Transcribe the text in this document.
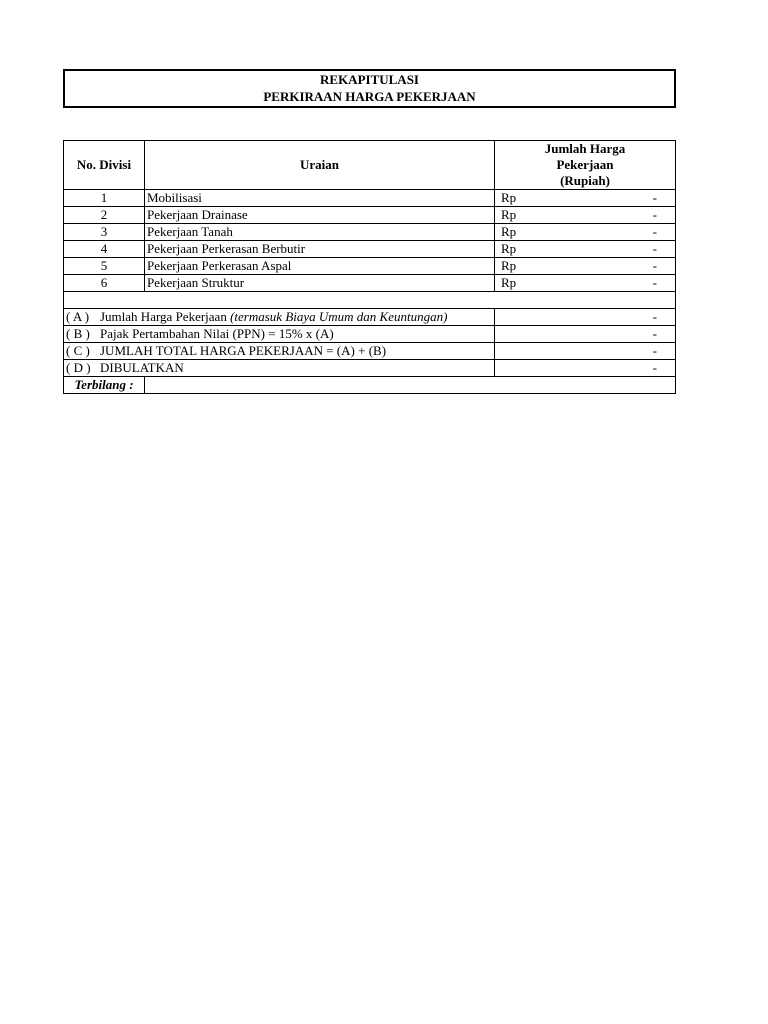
REKAPITULASI
PERKIRAAN HARGA PEKERJAAN
No. Divisi	Uraian	Jumlah Harga
Pekerjaan
(Rupiah)

1	Mobilisasi	Rp -

2	Pekerjaan Drainase	Rp -

3	Pekerjaan Tanah	Rp -

4	Pekerjaan Perkerasan Berbutir	Rp -

5	Pekerjaan Perkerasan Aspal	Rp -

6	Pekerjaan Struktur	Rp -

( A ) Jumlah Harga Pekerjaan (termasuk Biaya Umum dan Keuntungan)		-

( B ) Pajak Pertambahan Nilai (PPN) = 15% x (A)		-

( C ) JUMLAH TOTAL HARGA PEKERJAAN = (A) + (B)		-

( D ) DIBULATKAN		-

Terbilang :		
